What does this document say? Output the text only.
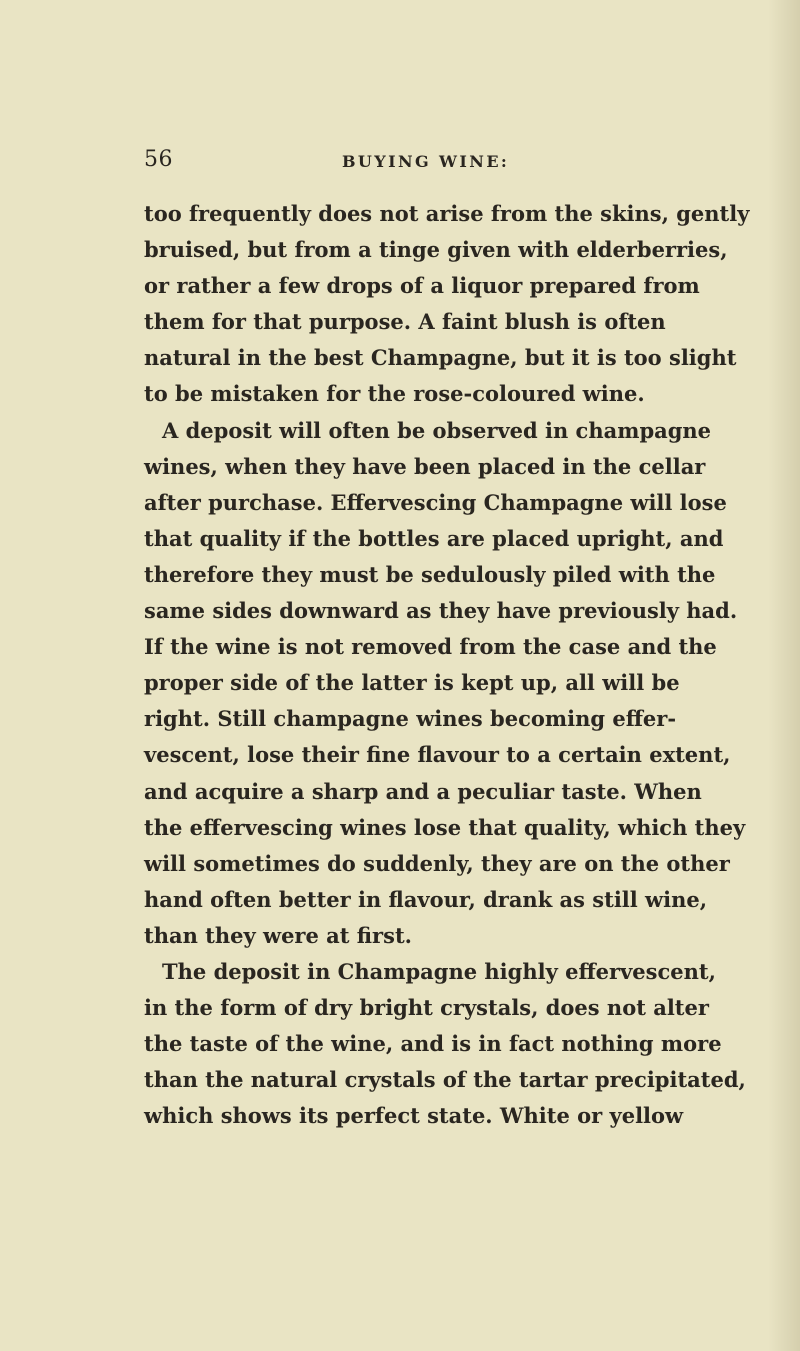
56	BUYING WINE:
too frequently does not arise from the skins, gently
bruised, but from a tinge given with elderberries,
or rather a few drops of a liquor prepared from
them for that purpose. A faint blush is often
natural in the best Champagne, but it is too slight
to be mistaken for the rose-coloured wine.
A deposit will often be observed in champagne
wines, when they have been placed in the cellar
after purchase. Effervescing Champagne will lose
that quality if the bottles are placed upright, and
therefore they must be sedulously piled with the
same sides downward as they have previously had.
If the wine is not removed from the case and the
proper side of the latter is kept up, all will be
right. Still champagne wines becoming effer-
vescent, lose their fine flavour to a certain extent,
and acquire a sharp and a peculiar taste. When
the effervescing wines lose that quality, which they
will sometimes do suddenly, they are on the other
hand often better in flavour, drank as still wine,
than they were at first.
The deposit in Champagne highly effervescent,
in the form of dry bright crystals, does not alter
the taste of the wine, and is in fact nothing more
than the natural crystals of the tartar precipitated,
which shows its perfect state. White or yellow
